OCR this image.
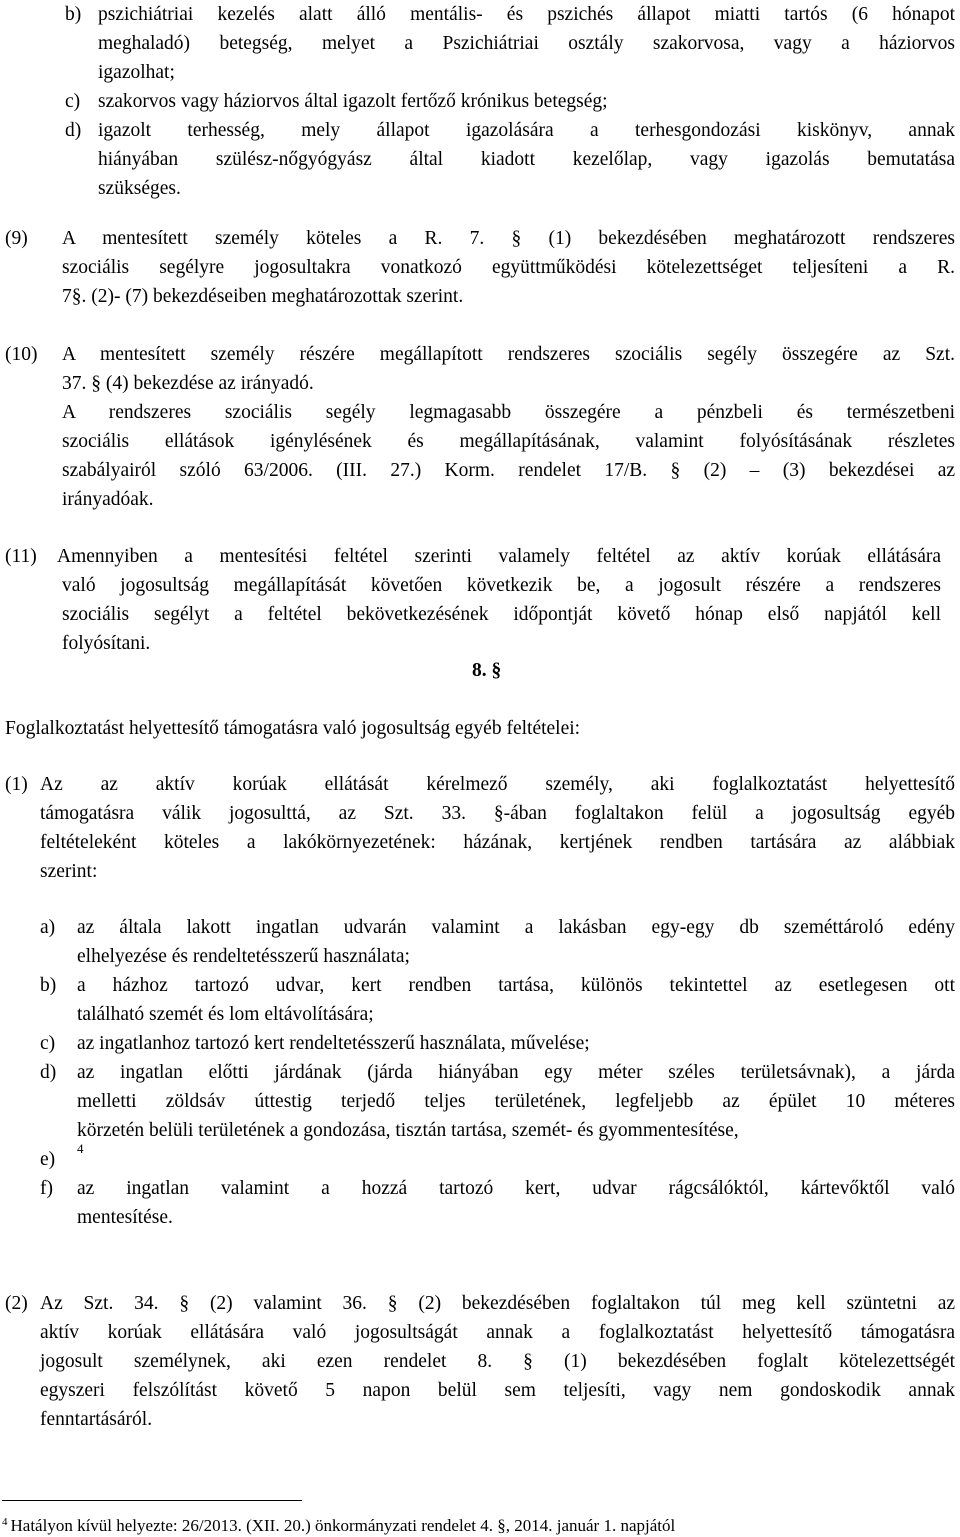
b) pszichiátriai kezelés alatt álló mentális- és pszichés állapot miatti tartós (6 hónapot
meghaladó) betegség, melyet a Pszichiátriai osztály szakorvosa, vagy a háziorvos
igazolhat;
c) szakorvos vagy háziorvos által igazolt fertőző krónikus betegség;
d) igazolt terhesség, mely állapot igazolására a terhesgondozási kiskönyv, annak
hiányában szülész-nőgyógyász által kiadott kezelőlap, vagy igazolás bemutatása
szükséges.
(9) A mentesített személy köteles a R. 7. § (1) bekezdésében meghatározott rendszeres
szociális segélyre jogosultakra vonatkozó együttműködési kötelezettséget teljesíteni a R.
7§. (2)- (7) bekezdéseiben meghatározottak szerint.
(10) A mentesített személy részére megállapított rendszeres szociális segély összegére az Szt.
37. § (4) bekezdése az irányadó.
A rendszeres szociális segély legmagasabb összegére a pénzbeli és természetbeni
szociális ellátások igénylésének és megállapításának, valamint folyósításának részletes
szabályairól szóló 63/2006. (III. 27.) Korm. rendelet 17/B. § (2) – (3) bekezdései az
irányadóak.
(11) Amennyiben a mentesítési feltétel szerinti valamely feltétel az aktív korúak ellátására
való jogosultság megállapítását követően következik be, a jogosult részére a rendszeres
szociális segélyt a feltétel bekövetkezésének időpontját követő hónap első napjától kell
folyósítani.
8. §
Foglalkoztatást helyettesítő támogatásra való jogosultság egyéb feltételei:
(1) Az az aktív korúak ellátását kérelmező személy, aki foglalkoztatást helyettesítő
támogatásra válik jogosulttá, az Szt. 33. §-ában foglaltakon felül a jogosultság egyéb
feltételeként köteles a lakókörnyezetének: házának, kertjének rendben tartására az alábbiak
szerint:
a) az általa lakott ingatlan udvarán valamint a lakásban egy-egy db szeméttároló edény
elhelyezése és rendeltetésszerű használata;
b) a házhoz tartozó udvar, kert rendben tartása, különös tekintettel az esetlegesen ott
található szemét és lom eltávolítására;
c) az ingatlanhoz tartozó kert rendeltetésszerű használata, művelése;
d) az ingatlan előtti járdának (járda hiányában egy méter széles területsávnak), a járda
melletti zöldsáv úttestig terjedő teljes területének, legfeljebb az épület 10 méteres
körzetén belüli területének a gondozása, tisztán tartása, szemét- és gyommentesítése,
e)
4
f) az ingatlan valamint a hozzá tartozó kert, udvar rágcsálóktól, kártevőktől való
mentesítése.
(2) Az Szt. 34. § (2) valamint 36. § (2) bekezdésében foglaltakon túl meg kell szüntetni az
aktív korúak ellátására való jogosultságát annak a foglalkoztatást helyettesítő támogatásra
jogosult személynek, aki ezen rendelet 8. § (1) bekezdésében foglalt kötelezettségét
egyszeri felszólítást követő 5 napon belül sem teljesíti, vagy nem gondoskodik annak
fenntartásáról.
$^4$ Hatályon kívül helyezte: 26/2013. (XII. 20.) önkormányzati rendelet 4. §, 2014. január 1. napjától
